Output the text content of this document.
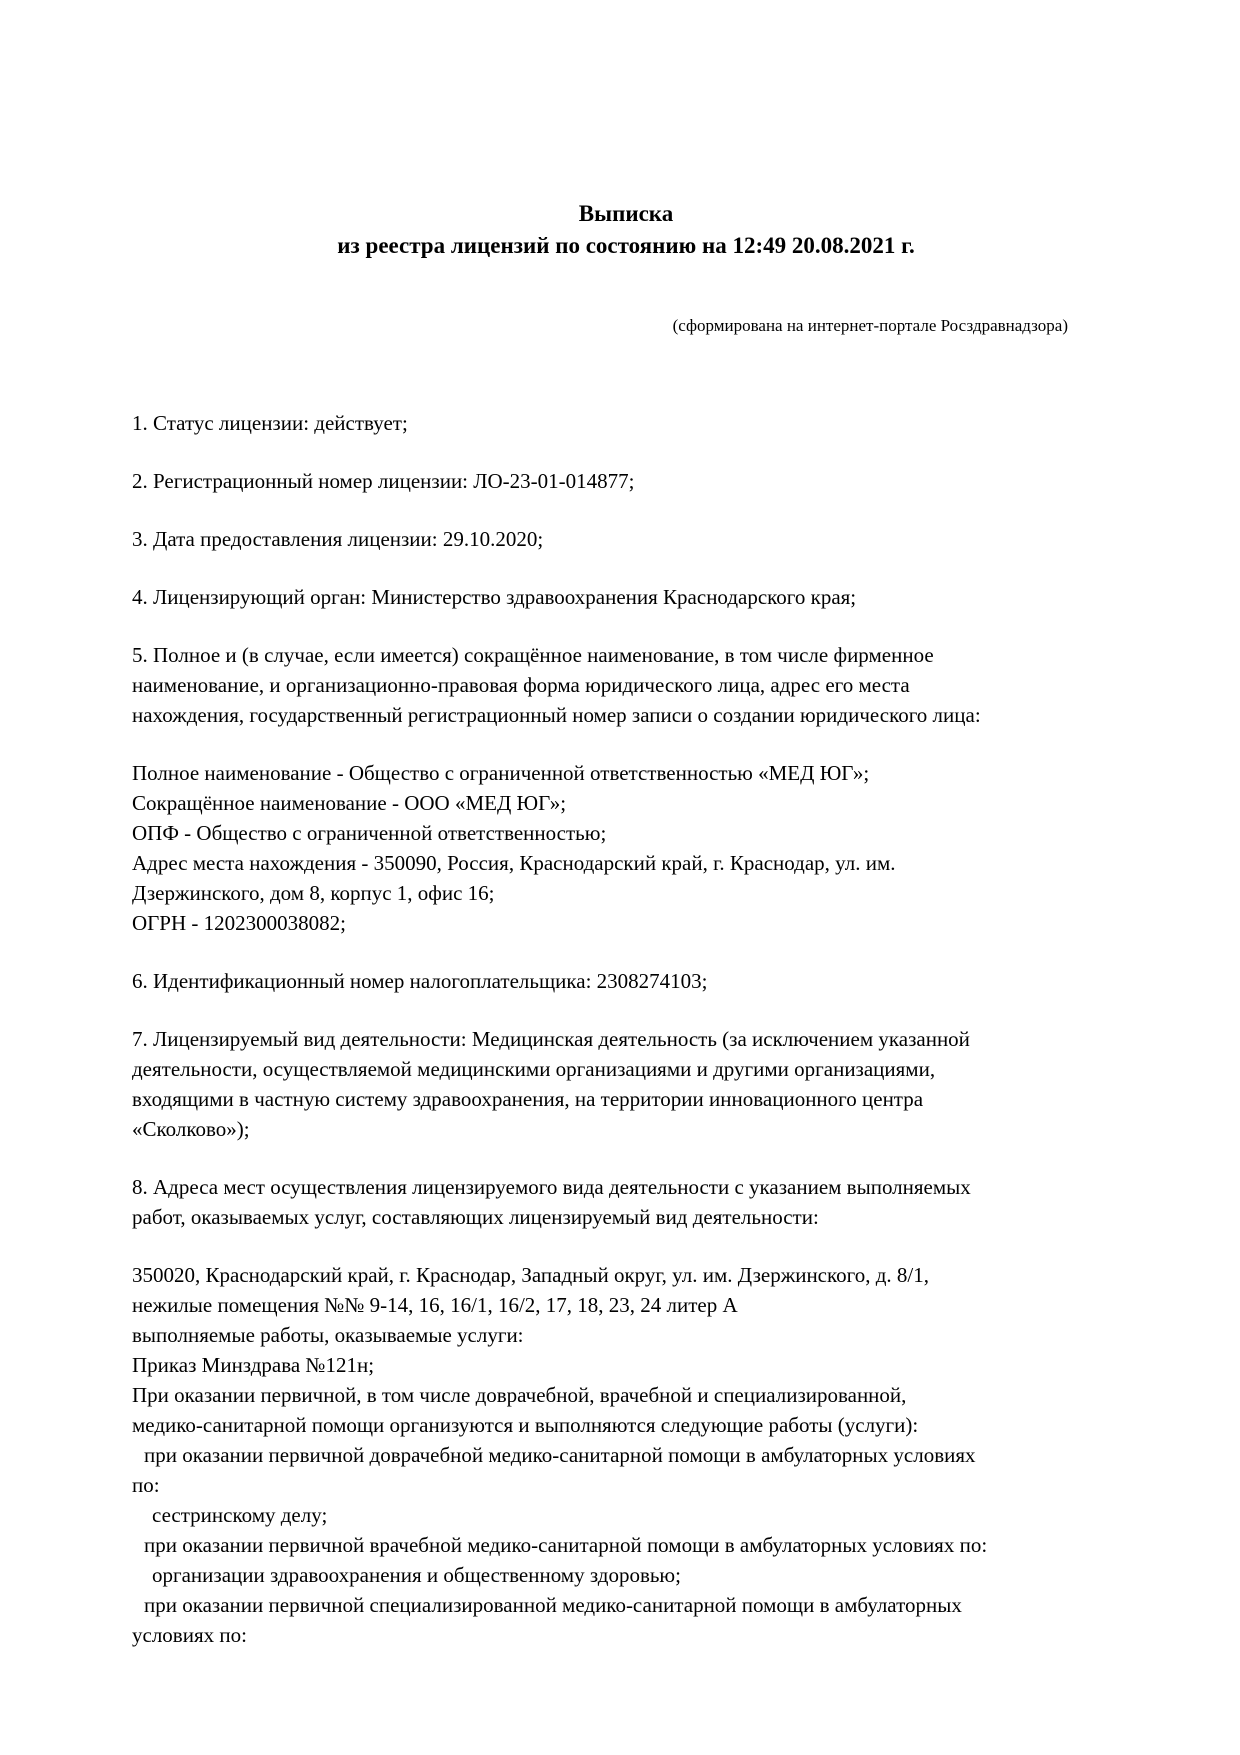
Выписка
из реестра лицензий по состоянию на 12:49 20.08.2021 г.
(сформирована на интернет-портале Росздравнадзора)
1. Статус лицензии: действует;
2. Регистрационный номер лицензии: ЛО-23-01-014877;
3. Дата предоставления лицензии: 29.10.2020;
4. Лицензирующий орган: Министерство здравоохранения Краснодарского края;
5. Полное и (в случае, если имеется) сокращённое наименование, в том числе фирменное
наименование, и организационно-правовая форма юридического лица, адрес его места
нахождения, государственный регистрационный номер записи о создании юридического лица:
Полное наименование - Общество с ограниченной ответственностью «МЕД ЮГ»;
Сокращённое наименование - ООО «МЕД ЮГ»;
ОПФ - Общество с ограниченной ответственностью;
Адрес места нахождения - 350090, Россия, Краснодарский край, г. Краснодар, ул. им.
Дзержинского, дом 8, корпус 1, офис 16;
ОГРН - 1202300038082;
6. Идентификационный номер налогоплательщика: 2308274103;
7. Лицензируемый вид деятельности: Медицинская деятельность (за исключением указанной
деятельности, осуществляемой медицинскими организациями и другими организациями,
входящими в частную систему здравоохранения, на территории инновационного центра
«Сколково»);
8. Адреса мест осуществления лицензируемого вида деятельности с указанием выполняемых
работ, оказываемых услуг, составляющих лицензируемый вид деятельности:
350020, Краснодарский край, г. Краснодар, Западный округ, ул. им. Дзержинского, д. 8/1,
нежилые помещения №№ 9-14, 16, 16/1, 16/2, 17, 18, 23, 24 литер А
выполняемые работы, оказываемые услуги:
Приказ Минздрава №121н;
При оказании первичной, в том числе доврачебной, врачебной и специализированной,
медико-санитарной помощи организуются и выполняются следующие работы (услуги):
при оказании первичной доврачебной медико-санитарной помощи в амбулаторных условиях
по:
сестринскому делу;
при оказании первичной врачебной медико-санитарной помощи в амбулаторных условиях по:
организации здравоохранения и общественному здоровью;
при оказании первичной специализированной медико-санитарной помощи в амбулаторных
условиях по:
